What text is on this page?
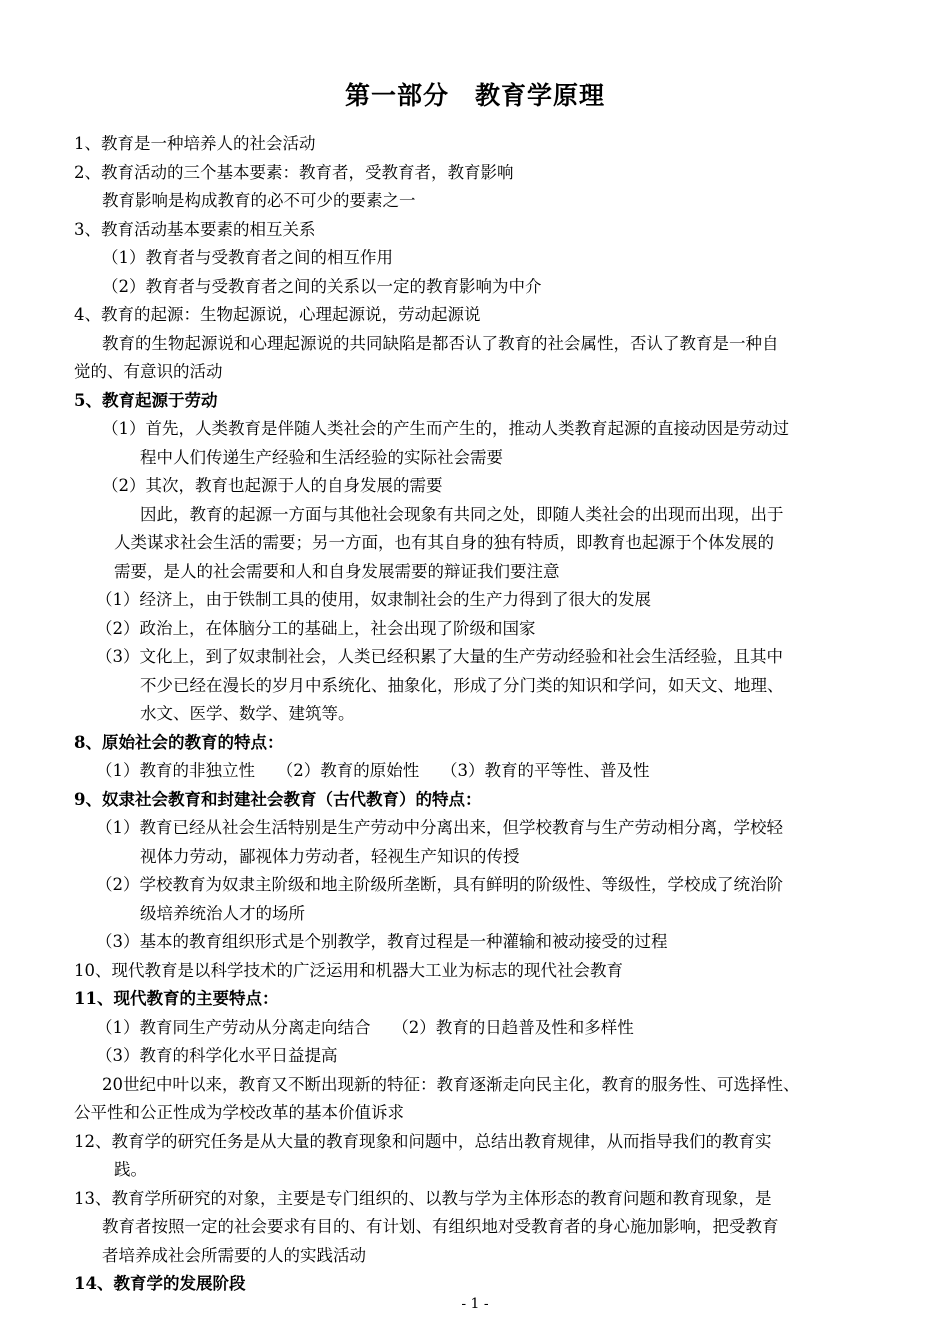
第一部分　教育学原理
1、教育是一种培养人的社会活动
2、教育活动的三个基本要素：教育者，受教育者，教育影响
教育影响是构成教育的必不可少的要素之一
3、教育活动基本要素的相互关系
（1）教育者与受教育者之间的相互作用
（2）教育者与受教育者之间的关系以一定的教育影响为中介
4、教育的起源：生物起源说，心理起源说，劳动起源说
教育的生物起源说和心理起源说的共同缺陷是都否认了教育的社会属性，否认了教育是一种自
觉的、有意识的活动
5、教育起源于劳动
（1）首先，人类教育是伴随人类社会的产生而产生的，推动人类教育起源的直接动因是劳动过
程中人们传递生产经验和生活经验的实际社会需要
（2）其次，教育也起源于人的自身发展的需要
因此，教育的起源一方面与其他社会现象有共同之处，即随人类社会的出现而出现，出于
人类谋求社会生活的需要；另一方面，也有其自身的独有特质，即教育也起源于个体发展的
需要，是人的社会需要和人和自身发展需要的辩证我们要注意
（1）经济上，由于铁制工具的使用，奴隶制社会的生产力得到了很大的发展
（2）政治上，在体脑分工的基础上，社会出现了阶级和国家
（3）文化上，到了奴隶制社会，人类已经积累了大量的生产劳动经验和社会生活经验，且其中
不少已经在漫长的岁月中系统化、抽象化，形成了分门类的知识和学问，如天文、地理、
水文、医学、数学、建筑等。
8、原始社会的教育的特点：
（1）教育的非独立性　 （2）教育的原始性　 （3）教育的平等性、普及性
9、奴隶社会教育和封建社会教育（古代教育）的特点：
（1）教育已经从社会生活特别是生产劳动中分离出来，但学校教育与生产劳动相分离，学校轻
视体力劳动，鄙视体力劳动者，轻视生产知识的传授
（2）学校教育为奴隶主阶级和地主阶级所垄断，具有鲜明的阶级性、等级性，学校成了统治阶
级培养统治人才的场所
（3）基本的教育组织形式是个别教学，教育过程是一种灌输和被动接受的过程
10、现代教育是以科学技术的广泛运用和机器大工业为标志的现代社会教育
11、现代教育的主要特点：
（1）教育同生产劳动从分离走向结合　 （2）教育的日趋普及性和多样性
（3）教育的科学化水平日益提高
20世纪中叶以来，教育又不断出现新的特征：教育逐渐走向民主化，教育的服务性、可选择性、
公平性和公正性成为学校改革的基本价值诉求
12、教育学的研究任务是从大量的教育现象和问题中，总结出教育规律，从而指导我们的教育实
践。
13、教育学所研究的对象，主要是专门组织的、以教与学为主体形态的教育问题和教育现象，是
教育者按照一定的社会要求有目的、有计划、有组织地对受教育者的身心施加影响，把受教育
者培养成社会所需要的人的实践活动
14、教育学的发展阶段
- 1 -
